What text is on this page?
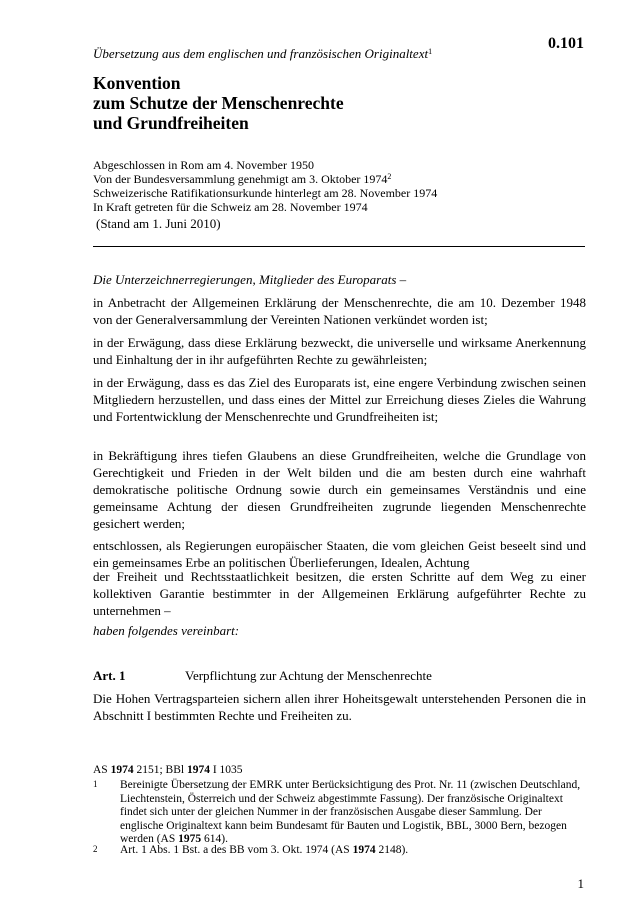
Übersetzung aus dem englischen und französischen Originaltext$^1$	0.101
Konvention
zum Schutze der Menschenrechte
und Grundfreiheiten
Abgeschlossen in Rom am 4. November 1950
Von der Bundesversammlung genehmigt am 3. Oktober 1974$^2$
Schweizerische Ratifikationsurkunde hinterlegt am 28. November 1974
In Kraft getreten für die Schweiz am 28. November 1974
(Stand am 1. Juni 2010)
Die Unterzeichnerregierungen, Mitglieder des Europarats –
in Anbetracht der Allgemeinen Erklärung der Menschenrechte, die am 10. Dezember 1948 von der Generalversammlung der Vereinten Nationen verkündet worden ist;
in der Erwägung, dass diese Erklärung bezweckt, die universelle und wirksame Anerkennung und Einhaltung der in ihr aufgeführten Rechte zu gewährleisten;
in der Erwägung, dass es das Ziel des Europarats ist, eine engere Verbindung zwischen seinen Mitgliedern herzustellen, und dass eines der Mittel zur Erreichung dieses Zieles die Wahrung und Fortentwicklung der Menschenrechte und Grundfreiheiten ist;
in Bekräftigung ihres tiefen Glaubens an diese Grundfreiheiten, welche die Grundlage von Gerechtigkeit und Frieden in der Welt bilden und die am besten durch eine wahrhaft demokratische politische Ordnung sowie durch ein gemeinsames Verständnis und eine gemeinsame Achtung der diesen Grundfreiheiten zugrunde liegenden Menschenrechte gesichert werden;
entschlossen, als Regierungen europäischer Staaten, die vom gleichen Geist beseelt sind und ein gemeinsames Erbe an politischen Überlieferungen, Idealen, Achtung
der Freiheit und Rechtsstaatlichkeit besitzen, die ersten Schritte auf dem Weg zu einer kollektiven Garantie bestimmter in der Allgemeinen Erklärung aufgeführter Rechte zu unternehmen –
haben folgendes vereinbart:
Art. 1	Verpflichtung zur Achtung der Menschenrechte
Die Hohen Vertragsparteien sichern allen ihrer Hoheitsgewalt unterstehenden Personen die in Abschnitt I bestimmten Rechte und Freiheiten zu.
AS 1974 2151; BBl 1974 I 1035
1 Bereinigte Übersetzung der EMRK unter Berücksichtigung des Prot. Nr. 11 (zwischen Deutschland, Liechtenstein, Österreich und der Schweiz abgestimmte Fassung). Der französische Originaltext findet sich unter der gleichen Nummer in der französischen Ausgabe dieser Sammlung. Der englische Originaltext kann beim Bundesamt für Bauten und Logistik, BBL, 3000 Bern, bezogen werden (AS 1975 614).
2 Art. 1 Abs. 1 Bst. a des BB vom 3. Okt. 1974 (AS 1974 2148).
1
